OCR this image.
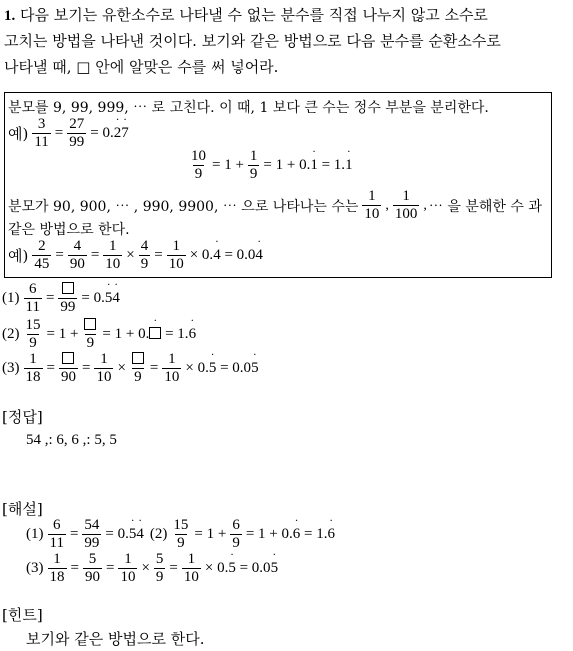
1. 다음 보기는 유한소수로 나타낼 수 없는 분수를 직접 나누지 않고 소수로
고치는 방법을 나타낸 것이다. 보기와 같은 방법으로 다음 분수를 순환소수로
나타낼 때, □ 안에 알맞은 수를 써 넣어라.
분모를 9, 99, 999, ⋯ 로 고친다. 이 때, 1 보다 큰 수는 정수 부분을 분리한다.
예) $\frac{3}{11} = \frac{27}{99}$ = 0.˙ 2˙ 7
$\frac{10}{9} = 1 + \frac{1}{9} = 1$ + 0.˙ 1 = 1.˙ 1
분모가 90, 900, ⋯ , 990, 9900, ⋯ 으로 나타나는 수는 $\frac{1}{10}$ , $\frac{1}{100}$ , ⋯ 을 분해한 수 과
같은 방법으로 한다.
예) $\frac{2}{45} = \frac{4}{90} = \frac{1}{10} \times \frac{4}{9} = \frac{1}{10}$ × 0.˙ 4 = 0.0˙ 4
$(1) \frac{6}{11}$ =
99
= 0.˙ 5˙ 4
$(2) \frac{15}{9} = 1$ +
9
= 1 + 0.˙  = 1.˙ 6
$(3) \frac{1}{18}$ =
90
= $\frac{1}{10}$ ×
9
= $\frac{1}{10}$ × 0.˙ 5 = 0.0˙ 5
[정답]
54 ,: 6, 6 ,: 5, 5
[해설]
$(1) \frac{6}{11} = \frac{54}{99}$ = 0.˙ 5˙ 4 $(2) \frac{15}{9} = 1 + \frac{6}{9} = 1$ + 0.˙ 6 = 1.˙ 6
$(3) \frac{1}{18} = \frac{5}{90} = \frac{1}{10} \times \frac{5}{9} = \frac{1}{10}$ × 0.˙ 5 = 0.0˙ 5
[힌트]
보기와 같은 방법으로 한다.
